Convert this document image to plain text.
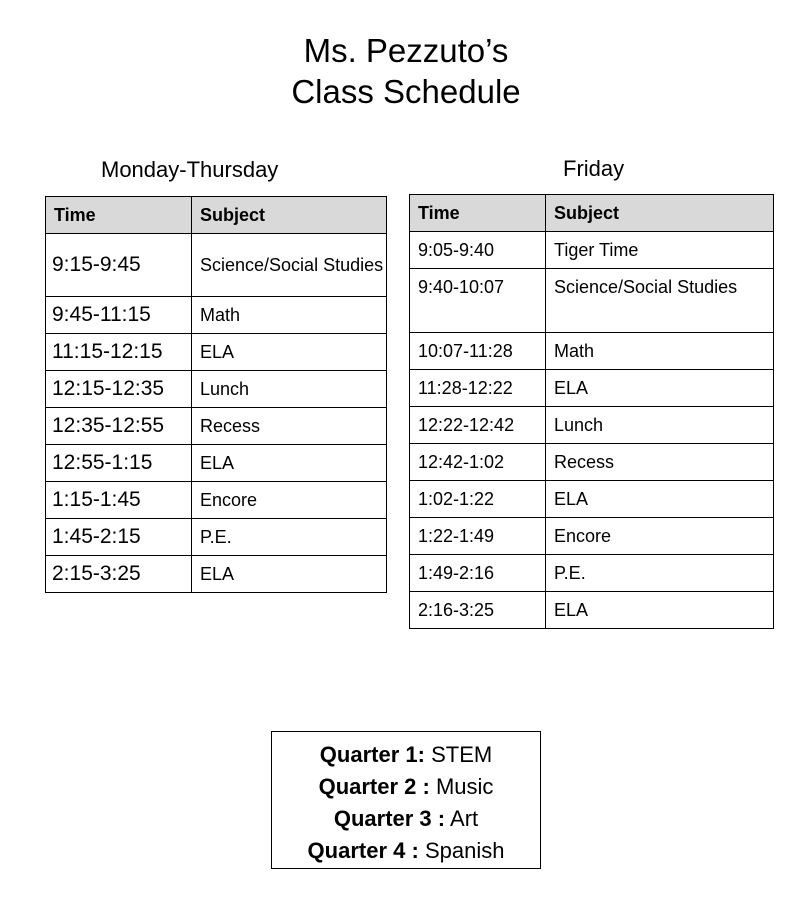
Ms. Pezzuto’s
Class Schedule
Monday-Thursday	Friday
Time	Subject
9:15-9:45	Science/Social Studies
9:45-11:15	Math
11:15-12:15	ELA
12:15-12:35	Lunch
12:35-12:55	Recess
12:55-1:15	ELA
1:15-1:45	Encore
1:45-2:15	P.E.
2:15-3:25	ELA
Time	Subject
9:05-9:40	Tiger Time
9:40-10:07	Science/Social Studies
10:07-11:28	Math
11:28-12:22	ELA
12:22-12:42	Lunch
12:42-1:02	Recess
1:02-1:22	ELA
1:22-1:49	Encore
1:49-2:16	P.E.
2:16-3:25	ELA
Quarter 1: STEM
Quarter 2 : Music
Quarter 3 : Art
Quarter 4 : Spanish
